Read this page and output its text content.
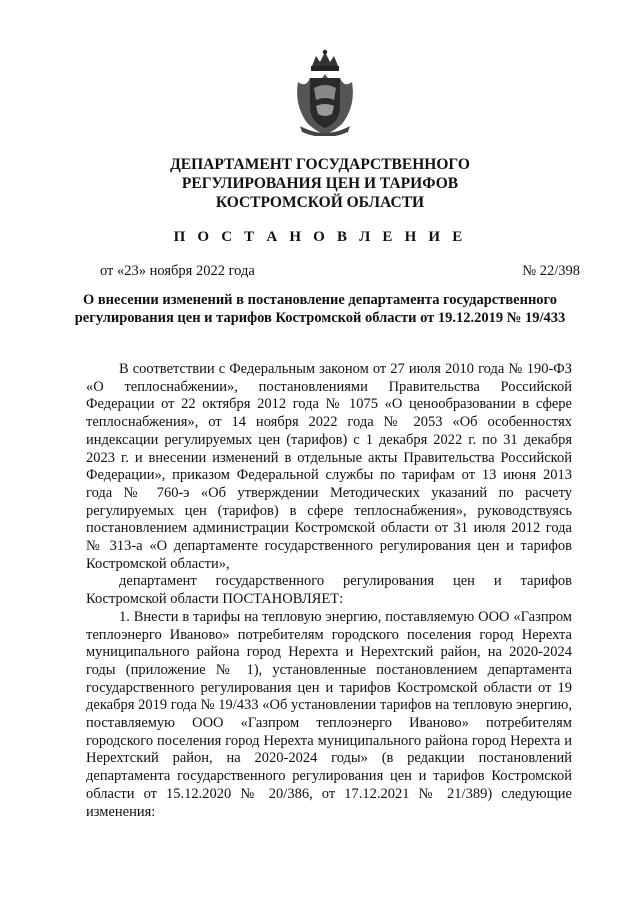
ДЕПАРТАМЕНТ ГОСУДАРСТВЕННОГО
РЕГУЛИРОВАНИЯ ЦЕН И ТАРИФОВ
КОСТРОМСКОЙ ОБЛАСТИ
П О С Т А Н О В Л Е Н И Е
от «23» ноября 2022 года	№ 22/398
О внесении изменений в постановление департамента государственного
регулирования цен и тарифов Костромской области от 19.12.2019 № 19/433

В соответствии с Федеральным законом от 27 июля 2010 года № 190-ФЗ «О теплоснабжении», постановлениями Правительства Российской Федерации от 22 октября 2012 года № 1075 «О ценообразовании в сфере теплоснабжения», от 14 ноября 2022 года № 2053 «Об особенностях индексации регулируемых цен (тарифов) с 1 декабря 2022 г. по 31 декабря 2023 г. и внесении изменений в отдельные акты Правительства Российской Федерации», приказом Федеральной службы по тарифам от 13 июня 2013 года № 760-э «Об утверждении Методических указаний по расчету регулируемых цен (тарифов) в сфере теплоснабжения», руководствуясь постановлением администрации Костромской области от 31 июля 2012 года № 313-а «О департаменте государственного регулирования цен и тарифов Костромской области»,

департамент государственного регулирования цен и тарифов Костромской области ПОСТАНОВЛЯЕТ:

1. Внести в тарифы на тепловую энергию, поставляемую ООО «Газпром теплоэнерго Иваново» потребителям городского поселения город Нерехта муниципального района город Нерехта и Нерехтский район, на 2020-2024 годы (приложение № 1), установленные постановлением департамента государственного регулирования цен и тарифов Костромской области от 19 декабря 2019 года № 19/433 «Об установлении тарифов на тепловую энергию, поставляемую ООО «Газпром теплоэнерго Иваново» потребителям городского поселения город Нерехта муниципального района город Нерехта и Нерехтский район, на 2020-2024 годы» (в редакции постановлений департамента государственного регулирования цен и тарифов Костромской области от 15.12.2020 № 20/386, от 17.12.2021 № 21/389) следующие изменения:
